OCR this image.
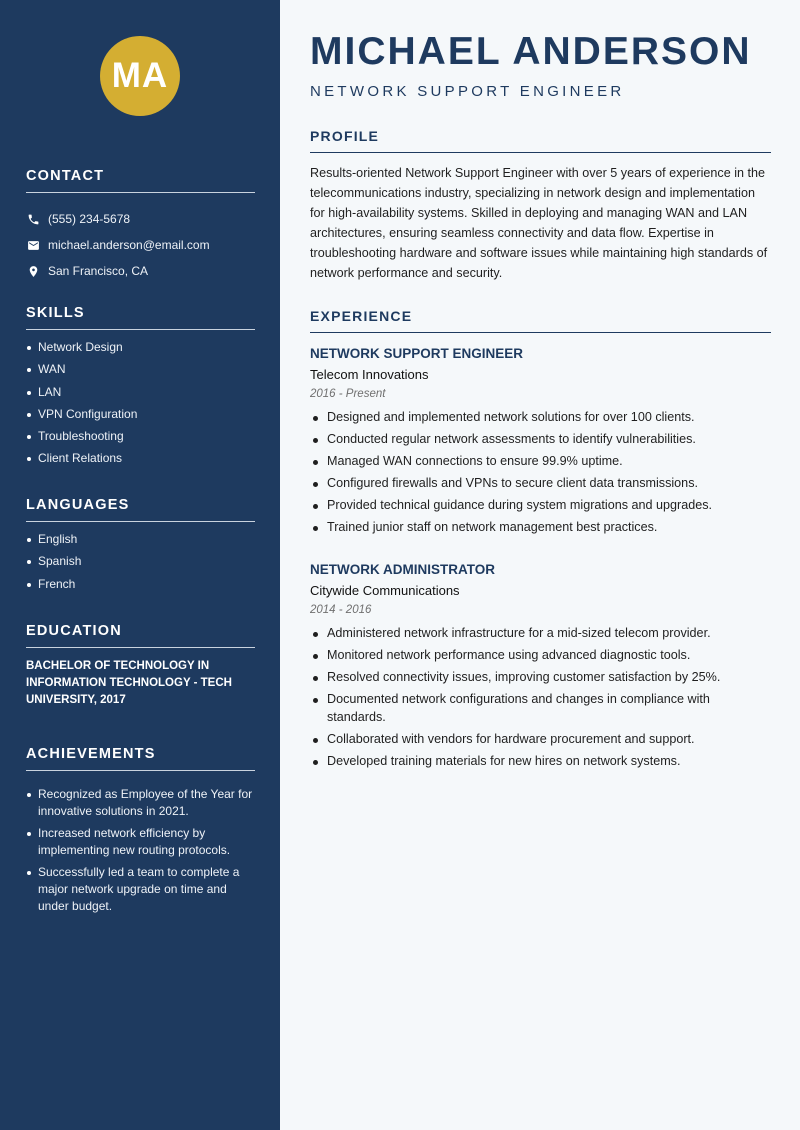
MA
CONTACT
(555) 234-5678
michael.anderson@email.com
San Francisco, CA
SKILLS
Network Design
WAN
LAN
VPN Configuration
Troubleshooting
Client Relations
LANGUAGES
English
Spanish
French
EDUCATION

BACHELOR OF TECHNOLOGY IN INFORMATION TECHNOLOGY - TECH UNIVERSITY, 2017

ACHIEVEMENTS
Recognized as Employee of the Year for innovative solutions in 2021.
Increased network efficiency by implementing new routing protocols.
Successfully led a team to complete a major network upgrade on time and under budget.
MICHAEL ANDERSON
NETWORK SUPPORT ENGINEER
PROFILE

Results-oriented Network Support Engineer with over 5 years of experience in the telecommunications industry, specializing in network design and implementation for high-availability systems. Skilled in deploying and managing WAN and LAN architectures, ensuring seamless connectivity and data flow. Expertise in troubleshooting hardware and software issues while maintaining high standards of network performance and security.

EXPERIENCE
NETWORK SUPPORT ENGINEER
Telecom Innovations
2016 - Present
Designed and implemented network solutions for over 100 clients.
Conducted regular network assessments to identify vulnerabilities.
Managed WAN connections to ensure 99.9% uptime.
Configured firewalls and VPNs to secure client data transmissions.
Provided technical guidance during system migrations and upgrades.
Trained junior staff on network management best practices.
NETWORK ADMINISTRATOR
Citywide Communications
2014 - 2016
Administered network infrastructure for a mid-sized telecom provider.
Monitored network performance using advanced diagnostic tools.
Resolved connectivity issues, improving customer satisfaction by 25%.
Documented network configurations and changes in compliance with standards.
Collaborated with vendors for hardware procurement and support.
Developed training materials for new hires on network systems.
